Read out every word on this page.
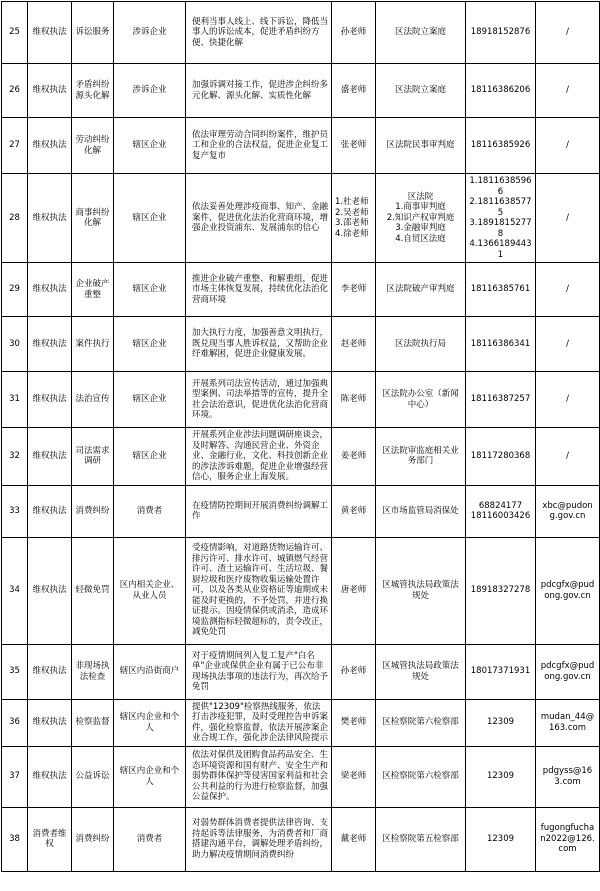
25	维权执法	诉讼服务	涉诉企业	便利当事人线上、线下诉讼，降低当事人的诉讼成本，促进矛盾纠纷方便、快捷化解	孙老师	区法院立案庭	18918152876	/
26	维权执法	矛盾纠纷源头化解	涉诉企业	加强诉调对接工作，促进涉企纠纷多元化解、源头化解、实质性化解	盛老师	区法院立案庭	18116386206	/
27	维权执法	劳动纠纷化解	辖区企业	依法审理劳动合同纠纷案件，维护员工和企业的合法权益，促进企业复工复产复市	张老师	区法院民事审判庭	18116385926	/
28	维权执法	商事纠纷化解	辖区企业	依法妥善处理涉疫商事、知产、金融案件，促进优化法治化营商环境，增强企业投资浦东、发展浦东的信心	1.杜老师
2.吴老师
3.邵老师
4.徐老师	区法院
1.商事审判庭
2.知识产权审判庭
3.金融审判庭
4.自贸区法庭	1.18116385966
2.18116385775
3.18918152778
4.13661894431	/
29	维权执法	企业破产重整	辖区企业	推进企业破产重整、和解重组，促进市场主体恢复发展，持续优化法治化营商环境	李老师	区法院破产审判庭	18116385761	/
30	维权执法	案件执行	辖区企业	加大执行力度，加强善意文明执行，既兑现当事人胜诉权益，又帮助企业纾难解困，促进企业健康发展。	赵老师	区法院执行局	18116386341	/
31	维权执法	法治宣传	辖区企业	开展系列司法宣传活动，通过加强典型案例、司法举措等的宣传，提升全社会法治意识，促进优化法治化营商环境。	陈老师	区法院办公室（新闻中心）	18116387257	/
32	维权执法	司法需求调研	辖区企业	开展系列企业涉法问题调研座谈会，及时解答、沟通民营企业、外资企业、金融行业，文化、科技创新企业的涉法涉诉难题，促进企业增强经营信心，服务企业上海发展。	姜老师	区法院审监庭相关业务部门	18117280368	/
33	维权执法	消费纠纷	消费者	在疫情防控期间开展消费纠纷调解工作	黄老师	区市场监管局消保处	68824177
18116003426	xbc@pudong.gov.cn
34	维权执法	轻微免罚	区内相关企业、从业人员	受疫情影响，对道路货物运输许可、排污许可、排水许可、城镇燃气经营许可、渣土运输许可、生活垃圾、餐厨垃圾和医疗废物收集运输处置许可，以及各类从业资格证等逾期或未能及时更换的，不予处罚，并进行换证提示。因疫情保供或消杀，造成环境监测指标轻微超标的，责令改正，减免处罚	唐老师	区城管执法局政策法规处	18918327278	pdcgfx@pudong.gov.cn
35	维权执法	非现场执法检查	辖区内沿街商户	对于疫情期间列入复工复产"白名单"企业或保供企业有属于已公布非现场执法事项的违法行为，再次给予免罚	孙老师	区城管执法局政策法规处	18017371931	pdcgfx@pudong.gov.cn
36	维权执法	检察监督	辖区内企业和个人	提供"12309"检察热线服务，依法打击涉疫犯罪，及时受理控告申诉案件，强化检察监督，依法开展涉案企业合规工作，强化涉企法律风险提示	樊老师	区检察院第六检察部	12309	mudan_44@163.com
37	维权执法	公益诉讼	辖区内企业和个人	依法对保供及团购食品药品安全、生态环境资源和国有财产、安全生产和弱势群体保护等侵害国家利益和社会公共利益的行为进行检察监督，加强公益保护。	梁老师	区检察院第六检察部	12309	pdgyss@163.com
38	消费者维权	消费纠纷	消费者	对弱势群体消费者提供法律咨询、支持起诉等法律服务，为消费者和厂商搭建沟通平台，调解处理矛盾纠纷，助力解决疫情期间消费纠纷	戴老师	区检察院第五检察部	12309	fugongfuchan2022@126.com
